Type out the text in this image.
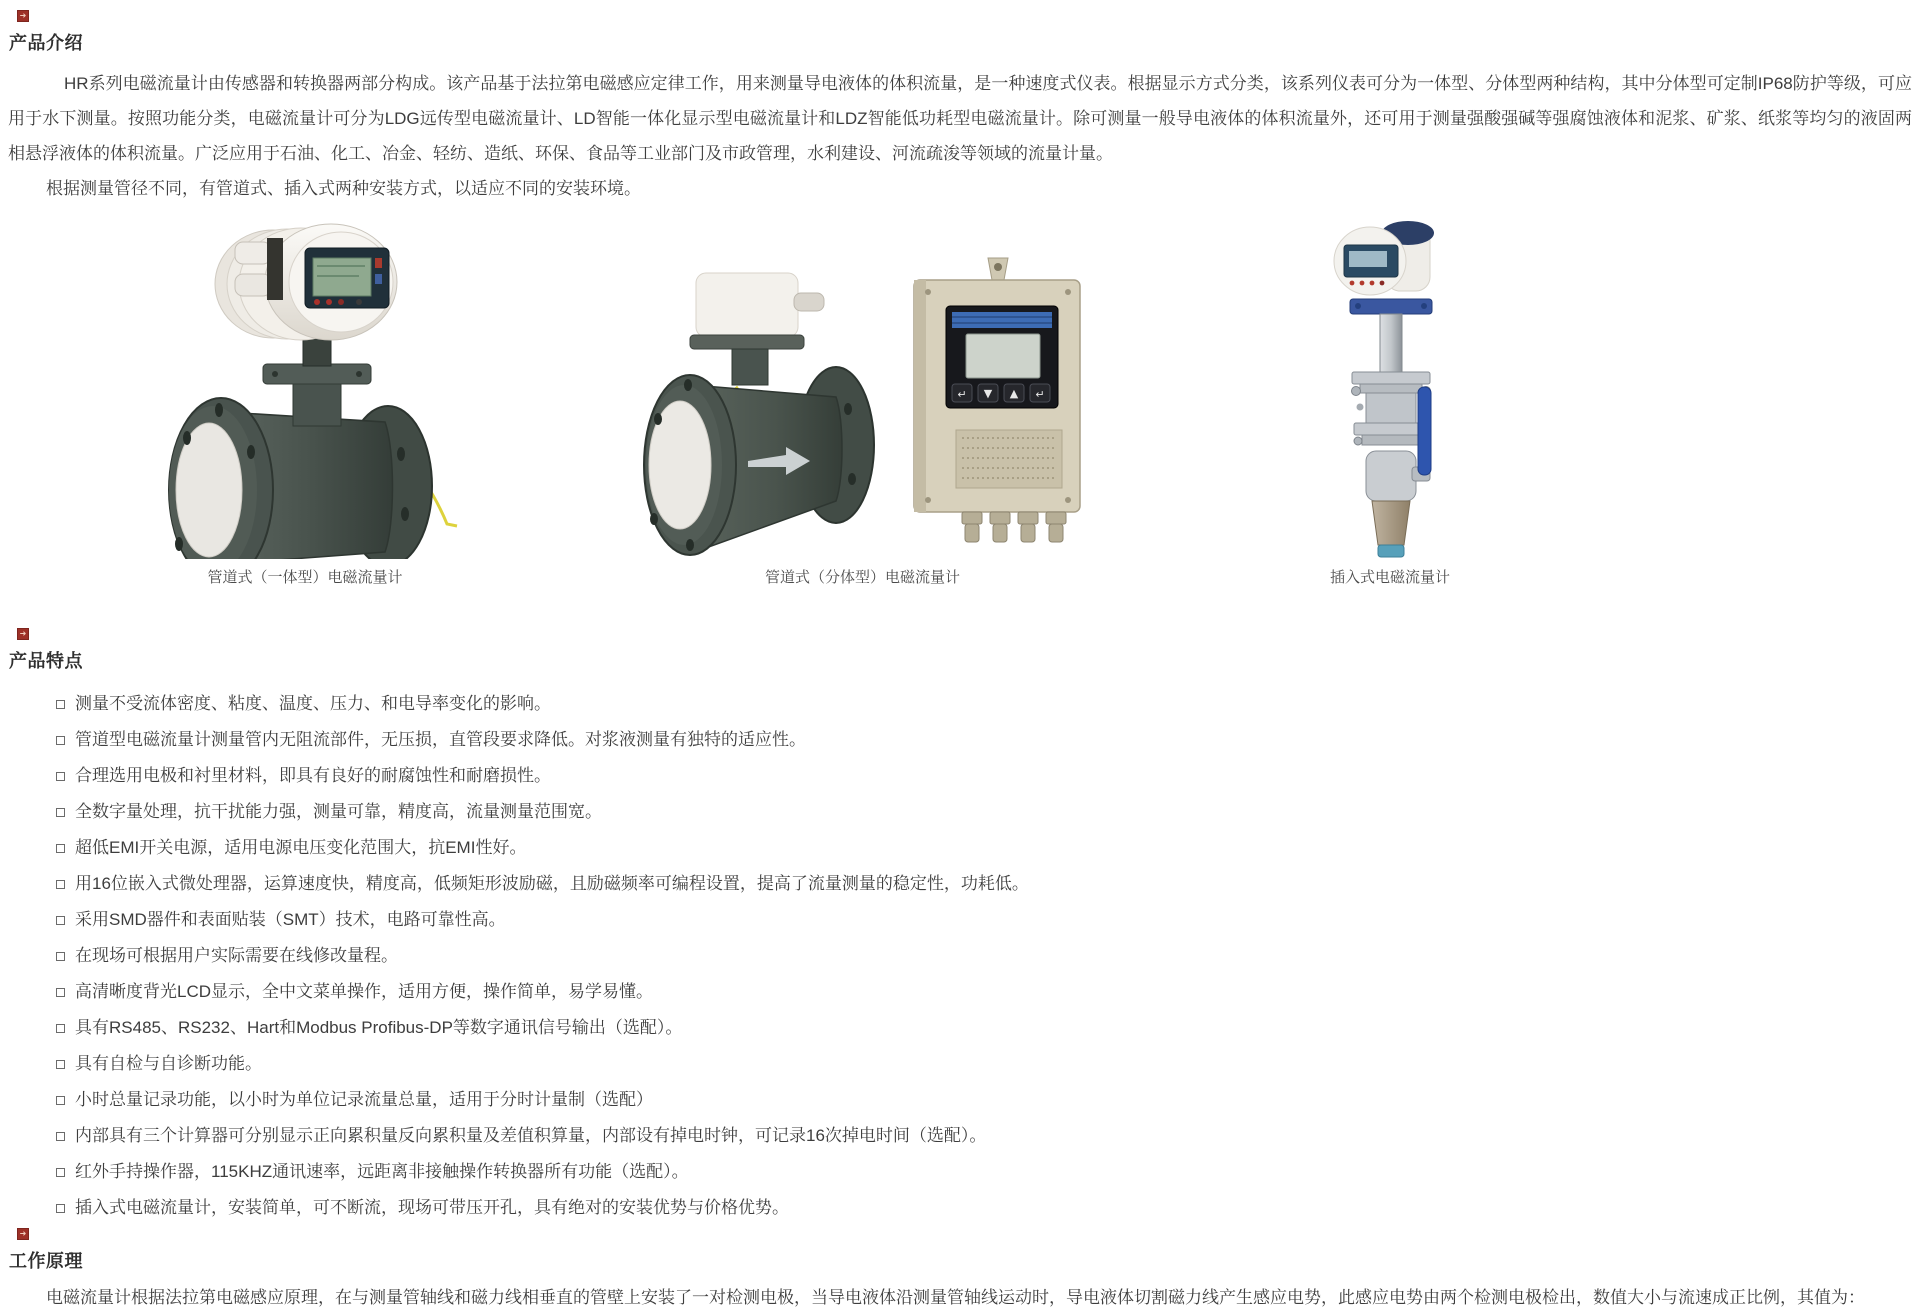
➜
产品介绍

HR系列电磁流量计由传感器和转换器两部分构成。该产品基于法拉第电磁感应定律工作，用来测量导电液体的体积流量，是一种速度式仪表。根据显示方式分类，该系列仪表可分为一体型、分体型两种结构，其中分体型可定制IP68防护等级，可应用于水下测量。按照功能分类，电磁流量计可分为LDG远传型电磁流量计、LD智能一体化显示型电磁流量计和LDZ智能低功耗型电磁流量计。除可测量一般导电液体的体积流量外，还可用于测量强酸强碱等强腐蚀液体和泥浆、矿浆、纸浆等均匀的液固两相悬浮液体的体积流量。广泛应用于石油、化工、冶金、轻纺、造纸、环保、食品等工业部门及市政管理，水利建设、河流疏浚等领域的流量计量。

根据测量管径不同，有管道式、插入式两种安装方式，以适应不同的安装环境。

管道式（一体型）电磁流量计
↵ ▼ ▲ ↵
管道式（分体型）电磁流量计	插入式电磁流量计
➜
产品特点
测量不受流体密度、粘度、温度、压力、和电导率变化的影响。
管道型电磁流量计测量管内无阻流部件，无压损，直管段要求降低。对浆液测量有独特的适应性。
合理选用电极和衬里材料，即具有良好的耐腐蚀性和耐磨损性。
全数字量处理，抗干扰能力强，测量可靠，精度高，流量测量范围宽。
超低EMI开关电源，适用电源电压变化范围大，抗EMI性好。
用16位嵌入式微处理器，运算速度快，精度高，低频矩形波励磁，且励磁频率可编程设置，提高了流量测量的稳定性，功耗低。
采用SMD器件和表面贴装（SMT）技术，电路可靠性高。
在现场可根据用户实际需要在线修改量程。
高清晰度背光LCD显示，全中文菜单操作，适用方便，操作简单，易学易懂。
具有RS485、RS232、Hart和Modbus Profibus-DP等数字通讯信号输出（选配）。
具有自检与自诊断功能。
小时总量记录功能，以小时为单位记录流量总量，适用于分时计量制（选配）
内部具有三个计算器可分别显示正向累积量反向累积量及差值积算量，内部设有掉电时钟，可记录16次掉电时间（选配）。
红外手持操作器，115KHZ通讯速率，远距离非接触操作转换器所有功能（选配）。
插入式电磁流量计，安装简单，可不断流，现场可带压开孔，具有绝对的安装优势与价格优势。
➜
工作原理

电磁流量计根据法拉第电磁感应原理，在与测量管轴线和磁力线相垂直的管壁上安装了一对检测电极，当导电液体沿测量管轴线运动时，导电液体切割磁力线产生感应电势，此感应电势由两个检测电极检出，数值大小与流速成正比例，其值为：
